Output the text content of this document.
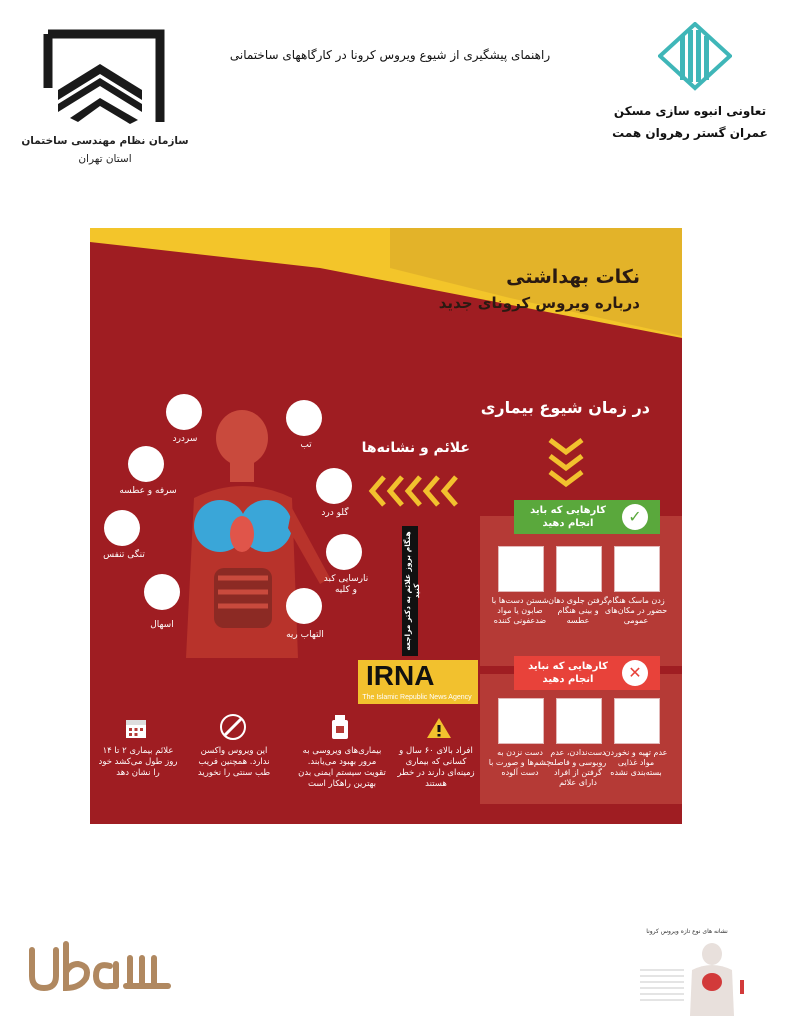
راهنمای پیشگیری از شیوع ویروس کرونا در کارگاههای ساختمانی
سازمان نظام مهندسی ساختمان
استان تهران
تعاونی انبوه سازی مسکن
عمران گستر رهروان همت
نکات بهداشتی
درباره ویروس کرونای جدید
در زمان شیوع بیماری
علائم و نشانه‌ها
سردرد
تب
سرفه و عطسه
گلو درد
تنگی تنفس
نارسایی کبد و کلیه
اسهال
التهاب ریه	هنگام بروز علائم به دکتر مراجعه کنید
کارهایی که باید انجام دهید	✓
زدن ماسک هنگام حضور در مکان‌های عمومی
گرفتن جلوی دهان و بینی هنگام عطسه
شستن دست‌ها با صابون یا مواد ضدعفونی کننده
کارهایی که نباید انجام دهید	✕
عدم تهیه و نخوردن مواد غذایی بسته‌بندی نشده
دست‌ندادن، عدم روبوسی و فاصله گرفتن از افراد دارای علائم
دست نزدن به چشم‌ها و صورت با دست آلوده
IRNA
The Islamic Republic News Agency
افراد بالای ۶۰ سال و کسانی که بیماری زمینه‌ای دارند در خطر هستند
بیماری‌های ویروسی به مرور بهبود می‌یابند. تقویت سیستم ایمنی بدن بهترین راهکار است
این ویروس واکسن ندارد. همچنین فریب طب سنتی را نخورید
علائم بیماری ۲ تا ۱۴ روز طول می‌کشد خود را نشان دهد
نشانه های نوع تازه ویروس کرونا
